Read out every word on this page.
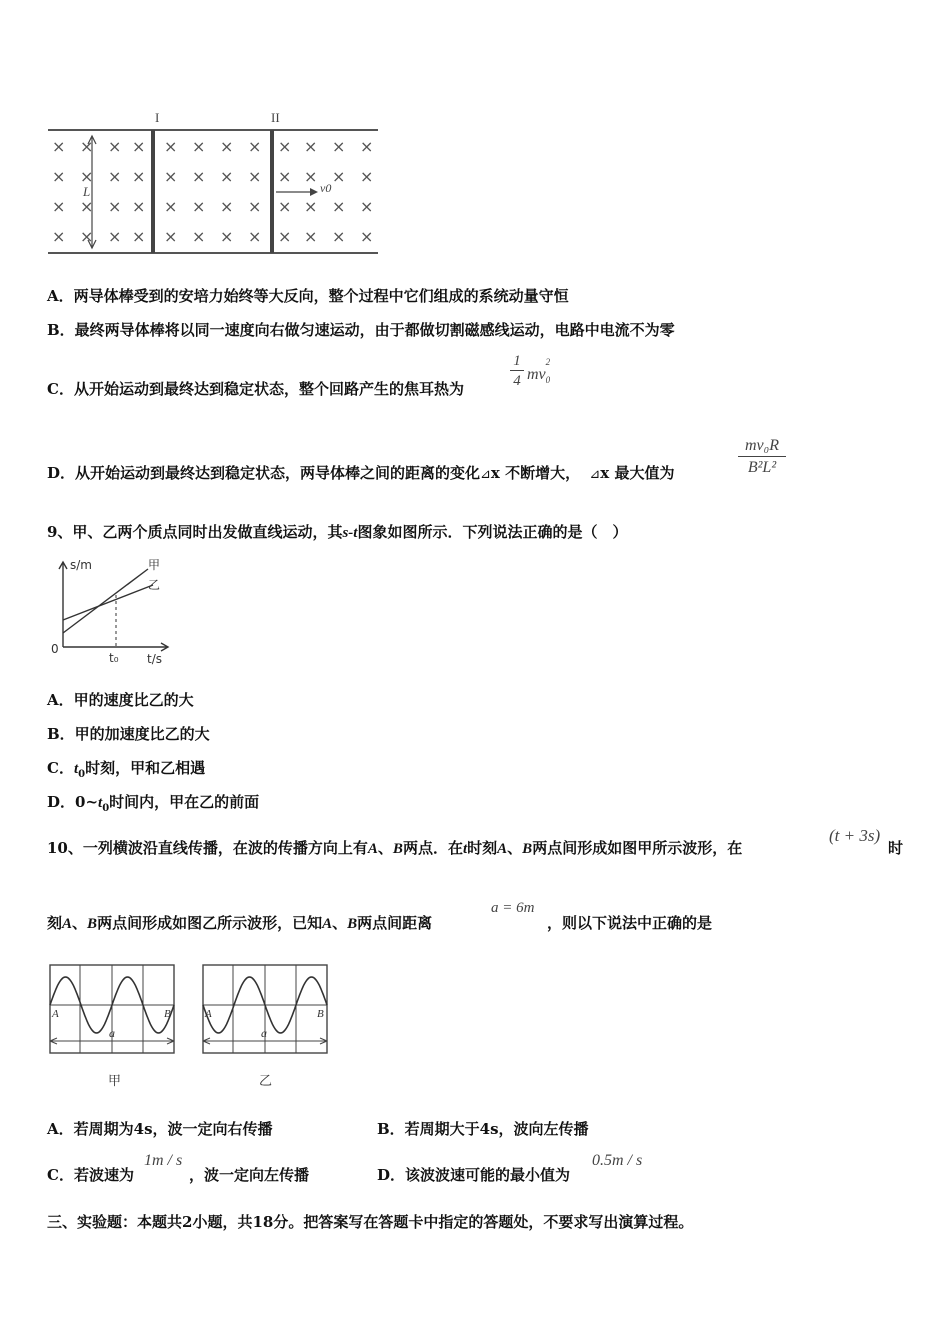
× × × × × × × × × × × ×
× × × × × × × × × × × ×
× × × × × × × × × × × ×
× × × × × × × × × × × ×
I	II
L	v0
A．两导体棒受到的安培力始终等大反向，整个过程中它们组成的系统动量守恒
B．最终两导体棒将以同一速度向右做匀速运动，由于都做切割磁感线运动，电路中电流不为零
C．从开始运动到最终达到稳定状态，整个回路产生的焦耳热为	$\frac{1}{4} mv_0$
2
D．从开始运动到最终达到稳定状态，两导体棒之间的距离的变化⊿x 不断增大， ⊿x 最大值为	$\frac{\text{mv₀R}}{\text{B²L²}}$
9、甲、乙两个质点同时出发做直线运动，其s-t图象如图所示．下列说法正确的是（　）
s/m
t/s
0
t₀
甲
乙
A．甲的速度比乙的大
B．甲的加速度比乙的大
C．$t_0$时刻，甲和乙相遇
D．$0\sim t_0$时间内，甲在乙的前面
10、一列横波沿直线传播，在波的传播方向上有A、B两点．在t时刻A、B两点间形成如图甲所示波形，在
(t + 3s)
时
刻A、B两点间形成如图乙所示波形，已知A、B两点间距离
a = 6m
，则以下说法中正确的是
a
A	B
甲
a
A	B
乙
A．若周期为4s，波一定向右传播	B．若周期大于4s，波向左传播
C．若波速为
1m / s
，波一定向左传播	D．该波波速可能的最小值为
0.5m / s
三、实验题：本题共2小题，共18分。把答案写在答题卡中指定的答题处，不要求写出演算过程。
